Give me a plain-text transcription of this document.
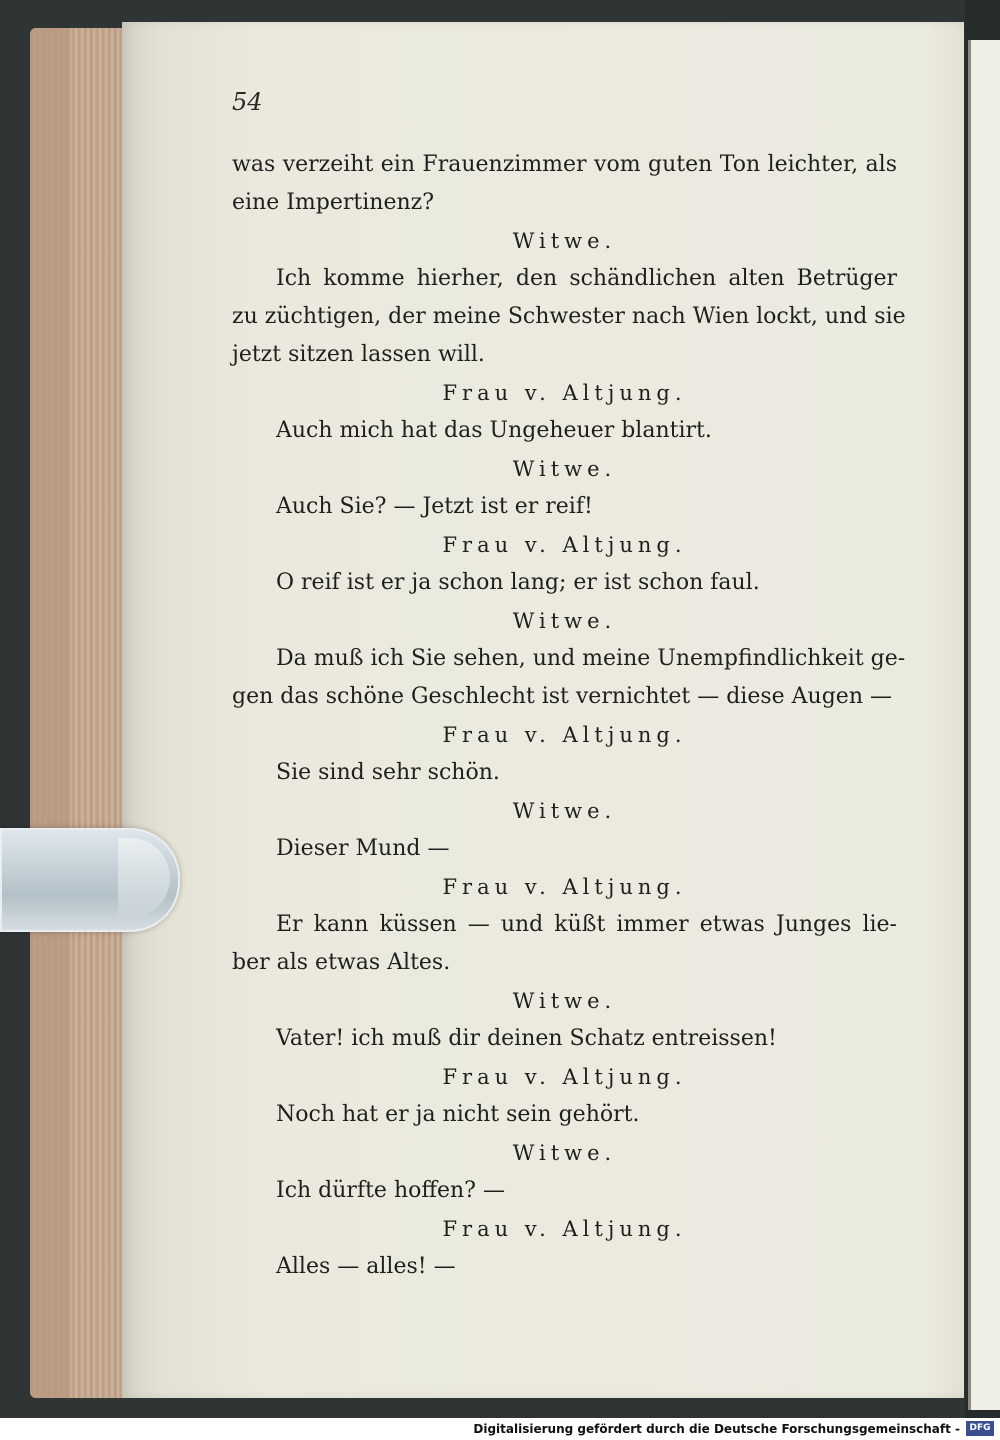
54

was verzeiht ein Frauenzimmer vom guten Ton leichter, als

eine Impertinenz?

Witwe.

Ich komme hierher, den schändlichen alten Betrüger

zu züchtigen, der meine Schwester nach Wien lockt, und sie

jetzt sitzen lassen will.

Frau v. Altjung.

Auch mich hat das Ungeheuer blantirt.

Witwe.

Auch Sie? — Jetzt ist er reif!

Frau v. Altjung.

O reif ist er ja schon lang; er ist schon faul.

Witwe.

Da muß ich Sie sehen, und meine Unempfindlichkeit ge-

gen das schöne Geschlecht ist vernichtet — diese Augen —

Frau v. Altjung.

Sie sind sehr schön.

Witwe.

Dieser Mund —

Frau v. Altjung.

Er kann küssen — und küßt immer etwas Junges lie-

ber als etwas Altes.

Witwe.

Vater! ich muß dir deinen Schatz entreissen!

Frau v. Altjung.

Noch hat er ja nicht sein gehört.

Witwe.

Ich dürfte hoffen? —

Frau v. Altjung.

Alles — alles! —

Digitalisierung gefördert durch die Deutsche Forschungsgemeinschaft -	DFG
